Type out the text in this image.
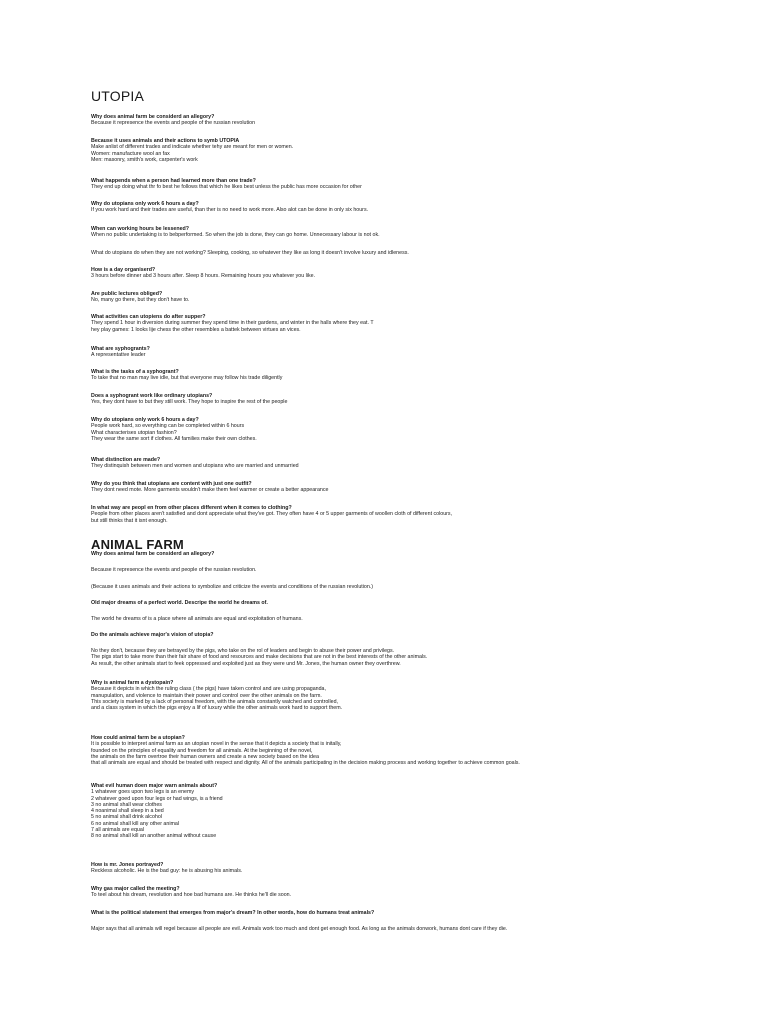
UTOPIA
Why does animal farm be considerd an allegory?
Because it represence the events and people of the russian revolution
Because it uses animals and their actions to symb UTOPIA
Make anlist of different trades and indicate whether tehy are meant for men or women.
Women: manufacture wool an fax
Men: masonry, smith's work, carpenter's work
What happends when a person had learned more than one trade?
They end up doing what thr fo best he follows that which he likes best unless the public has more occasion for other
Why do utopians only work 6 hours a day?
If you work hard and their trades are useful, than ther is no need to work more. Also alot can be done in only six hours.
When can working hours be lessened?
When no public undertaking is to bebperformed. So when the job is done, they can go home. Unnecessary labour is not ok.
What do utopians do when they are not working? Sleeping, cooking, so whatever they like as long it doesn't involve luxury and idleness.
How is a day organiserd?
3 hours before dinner abd 3 hours after. Sleep 8 hours. Remaining hours you whatever you like.
Are public lectures obliged?
No, many go there, but they don't have to.
What activities can utopiens do after supper?
They spend 1 hour in diversion during summer they spend time in their gardens, and winter in the halls where they eat. T
hey play games: 1 looks lije chess the other resembles a battek between virtues an vices.
What are syphogrants?
A representative leader
What is the tasks of a syphogrant?
To take that no man may live idle, but that everyone may follow his trade diligently
Does a syphogrant work like ordinary utopians?
Yes, they dont have to but they still work. They hope to inspire the rest of the people
Why do utopians only work 6 hours a day?
People work hard, so everything can be completed within 6 hours
What characterises utopian fashion?
They wear the same sort if clothes. All families make their own clothes.
What distinction are made?
They distinquish between men and women and utopians who are married and unmarried
Why do you think that utopians are content with just one outfit?
They dont need mote. More garments wouldn't make them feel warmer or create a better appearance
In what way are peopl en from other places different when it comes to clothing?
People from other places aren't satisfied and dont appreciate what they've got. They often have 4 or 5 upper garments of woollen cloth of different colours,
but still thinks that it isnt enough.
ANIMAL FARM
Why does animal farm be considerd an allegory?
Because it represence the events and people of the russian revolution.
(Because it uses animals and their actions to symbolize and criticize the events and conditions of the russian revolution.)
Old major dreams of a perfect world. Descripe the world he dreams of.
The world he dreams of is a place where all animals are equal and exploitation of humans.
Do the animals achieve major's vision of utopia?
No they don't, because they are betrayed by the pigs, who take on the rol of leaders and begin to abuse their power and privilegs.
The pigs start to take more than their fair share of food and resources and make decisions that are not in the best interests of the other animals.
As result, the other animals start to feek oppressed and exploited just as they were und Mr. Jones, the human owner they overthrew.
Why is animal farm a dystopain?
Because it depicts in which the ruling class ( the pigs) have taken control and are using propaganda,
manupulation, and violence to maintain their power and control over the other animals on the farm.
This society is marked by a lack of personal freedom, with the animals constantly watched and controlled,
and a class system in which the pigs enjoy a lif of luxury while the other animals work hard to support them.
How could animal farm be a utopian?
It is possible to interpret animal farm as an utopian novel in the sense that it depicts a society that is initally,
founded on the principles of equality and freedom for all animals. At the beginning of the novel,
the animals on the farm overtroe their human owners and create a new society based on the idea
that all animals are equal and should be treated with respect and dignity. All of the animals participating in the decision making process and working together to achieve common goals.
What evil human doen major warn animals about?
1 whatever goes upon two legs is an enemy
2 whatever goed upon four legs or had wings, is a friend
3 no animal shall wear clothes
4 noanimal shall sleep in a bed
5 no animal shall drink alcohol
6 no animal shall kill any other animal
7 all animals are equal
8 no animal shall kill an another animal without cause
How is mr. Jones portrayed?
Reckless alcoholic. He is the bad guy: he is abusing his animals.
Why gas major called the meeting?
To teel about his dream, revolution and hoe bad humans are. He thinks he'll die soon.
What is the political statement that emerges from major's dream? In other words, how do humans treat animals?
Major says that all animals will regel because all people are evil. Animals work too much and dont get enough food. As long as the animals donwork, humans dont care if they die.
